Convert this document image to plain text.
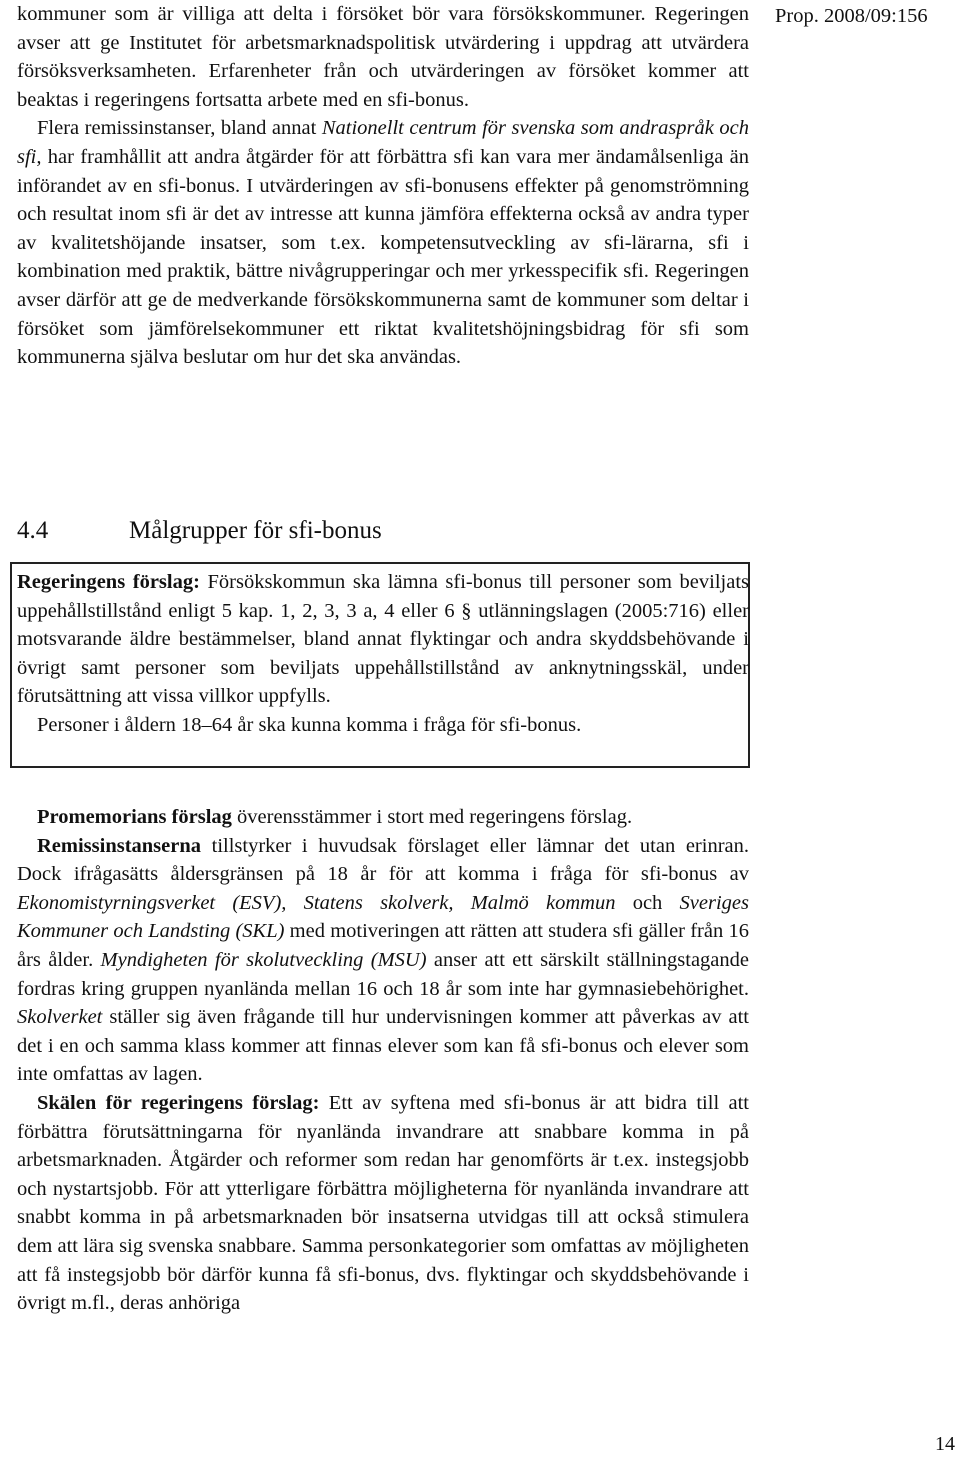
Prop. 2008/09:156

kommuner som är villiga att delta i försöket bör vara försökskommuner. Regeringen avser att ge Institutet för arbetsmarknadspolitisk utvärdering i uppdrag att utvärdera försöksverksamheten. Erfarenheter från och utvärderingen av försöket kommer att beaktas i regeringens fortsatta arbete med en sfi-bonus.

Flera remissinstanser, bland annat Nationellt centrum för svenska som andraspråk och sfi, har framhållit att andra åtgärder för att förbättra sfi kan vara mer ändamålsenliga än införandet av en sfi-bonus. I utvärderingen av sfi-bonusens effekter på genomströmning och resultat inom sfi är det av intresse att kunna jämföra effekterna också av andra typer av kvalitetshöjande insatser, som t.ex. kompetensutveckling av sfi-lärarna, sfi i kombination med praktik, bättre nivågrupperingar och mer yrkesspecifik sfi. Regeringen avser därför att ge de medverkande försökskommunerna samt de kommuner som deltar i försöket som jämförelsekommuner ett riktat kvalitetshöjningsbidrag för sfi som kommunerna själva beslutar om hur det ska användas.

4.4	Målgrupper för sfi-bonus

Regeringens förslag: Försökskommun ska lämna sfi-bonus till personer som beviljats uppehållstillstånd enligt 5 kap. 1, 2, 3, 3 a, 4 eller 6 § utlänningslagen (2005:716) eller motsvarande äldre bestämmelser, bland annat flyktingar och andra skyddsbehövande i övrigt samt personer som beviljats uppehållstillstånd av anknytningsskäl, under förutsättning att vissa villkor uppfylls.

Personer i åldern 18–64 år ska kunna komma i fråga för sfi-bonus.

Promemorians förslag överensstämmer i stort med regeringens förslag.

Remissinstanserna tillstyrker i huvudsak förslaget eller lämnar det utan erinran. Dock ifrågasätts åldersgränsen på 18 år för att komma i fråga för sfi-bonus av Ekonomistyrningsverket (ESV), Statens skolverk, Malmö kommun och Sveriges Kommuner och Landsting (SKL) med motiveringen att rätten att studera sfi gäller från 16 års ålder. Myndigheten för skolutveckling (MSU) anser att ett särskilt ställningstagande fordras kring gruppen nyanlända mellan 16 och 18 år som inte har gymnasiebehörighet. Skolverket ställer sig även frågande till hur undervisningen kommer att påverkas av att det i en och samma klass kommer att finnas elever som kan få sfi-bonus och elever som inte omfattas av lagen.

Skälen för regeringens förslag: Ett av syftena med sfi-bonus är att bidra till att förbättra förutsättningarna för nyanlända invandrare att snabbare komma in på arbetsmarknaden. Åtgärder och reformer som redan har genomförts är t.ex. instegsjobb och nystartsjobb. För att ytterligare förbättra möjligheterna för nyanlända invandrare att snabbt komma in på arbetsmarknaden bör insatserna utvidgas till att också stimulera dem att lära sig svenska snabbare. Samma personkategorier som omfattas av möjligheten att få instegsjobb bör därför kunna få sfi-bonus, dvs. flyktingar och skyddsbehövande i övrigt m.fl., deras anhöriga

14
